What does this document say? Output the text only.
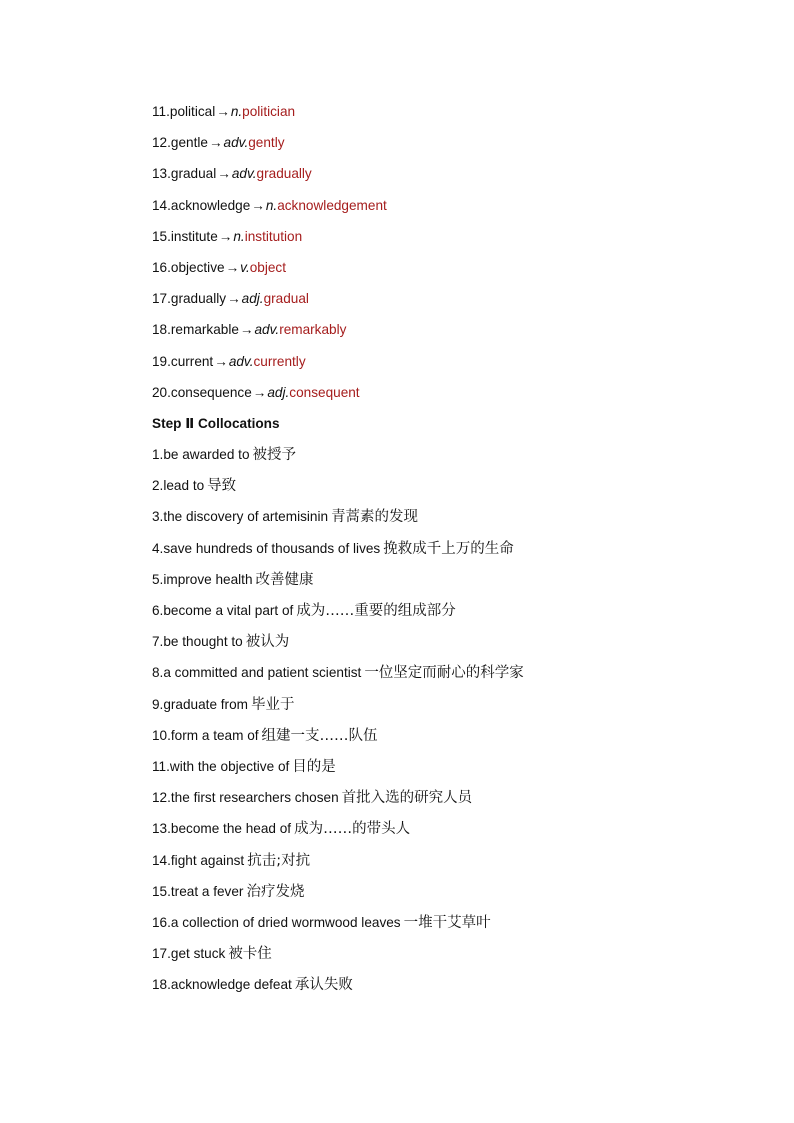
11.political→n.politician
12.gentle→adv.gently
13.gradual→adv.gradually
14.acknowledge→n.acknowledgement
15.institute→n.institution
16.objective→v.object
17.gradually→adj.gradual
18.remarkable→adv.remarkably
19.current→adv.currently
20.consequence→adj.consequent
Step Ⅱ Collocations
1.be awarded to 被授予
2.lead to 导致
3.the discovery of artemisinin 青蒿素的发现
4.save hundreds of thousands of lives 挽救成千上万的生命
5.improve health 改善健康
6.become a vital part of 成为……重要的组成部分
7.be thought to 被认为
8.a committed and patient scientist 一位坚定而耐心的科学家
9.graduate from 毕业于
10.form a team of 组建一支……队伍
11.with the objective of 目的是
12.the first researchers chosen 首批入选的研究人员
13.become the head of 成为……的带头人
14.fight against 抗击;对抗
15.treat a fever 治疗发烧
16.a collection of dried wormwood leaves 一堆干艾草叶
17.get stuck 被卡住
18.acknowledge defeat 承认失败
